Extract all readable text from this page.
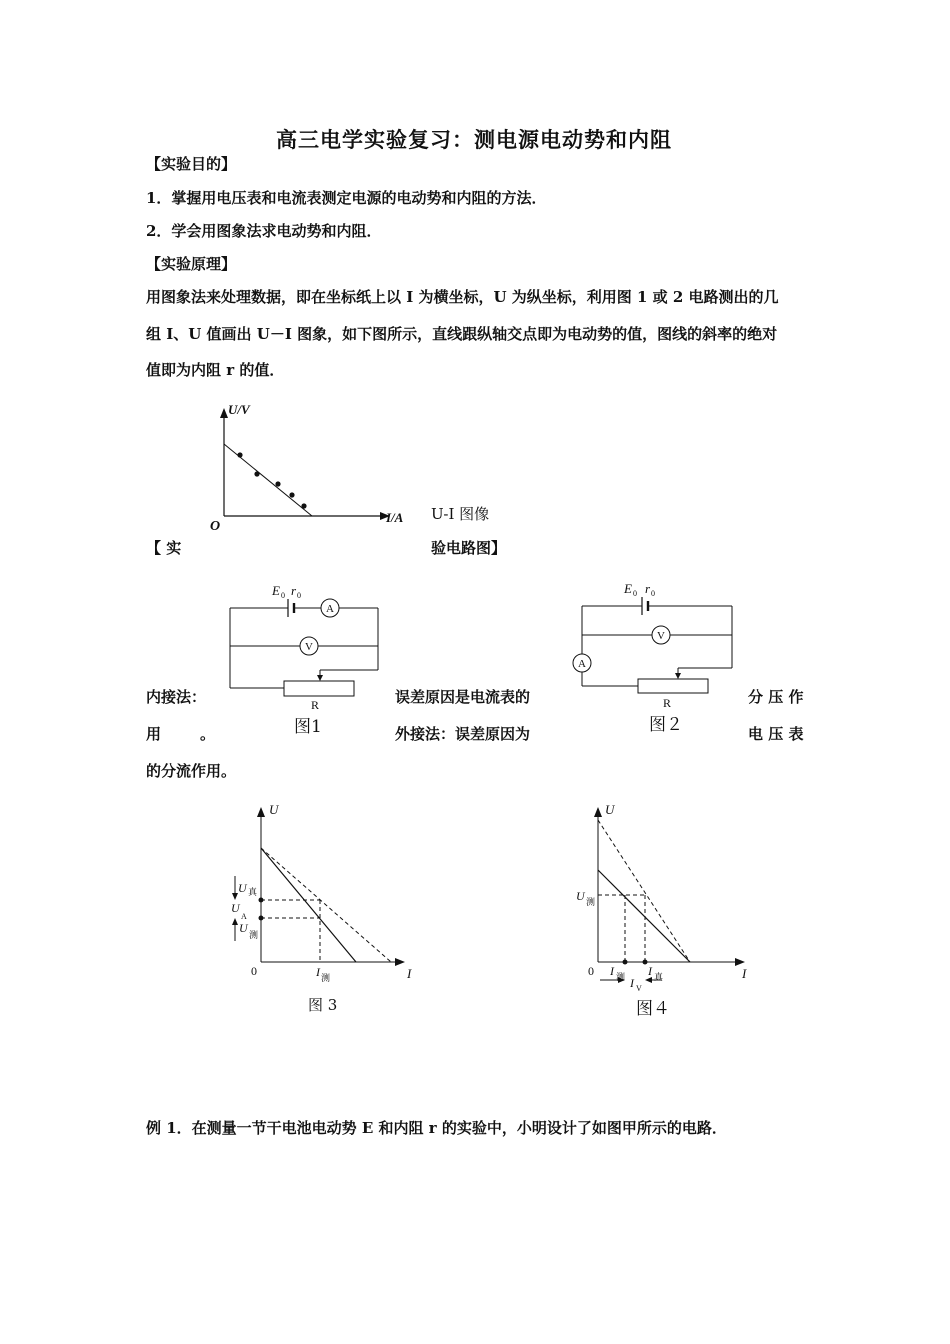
高三电学实验复习：测电源电动势和内阻
【实验目的】
1．掌握用电压表和电流表测定电源的电动势和内阻的方法．
2．学会用图象法求电动势和内阻．
【实验原理】
用图象法来处理数据，即在坐标纸上以 I 为横坐标，U 为纵坐标，利用图 1 或 2 电路测出的几
组 I、U 值画出 U－I 图象，如下图所示，直线跟纵轴交点即为电动势的值，图线的斜率的绝对
值即为内阻 r 的值．
U/V
I/A
O
U-I 图像
【 实	验电路图】
E 0 r 0
A
V
R
图1
E 0 r 0
V
A
R
图２
内接法：	误差原因是电流表的	分 压 作
用	。	外接法：误差原因为	电 压 表
的分流作用。
U
I
0
U 真
U
A
U 测
I 测
图 3
U
I
0
U 测
I 测 I 真
I V
图４
例 1．在测量一节干电池电动势 E 和内阻 r 的实验中，小明设计了如图甲所示的电路．
